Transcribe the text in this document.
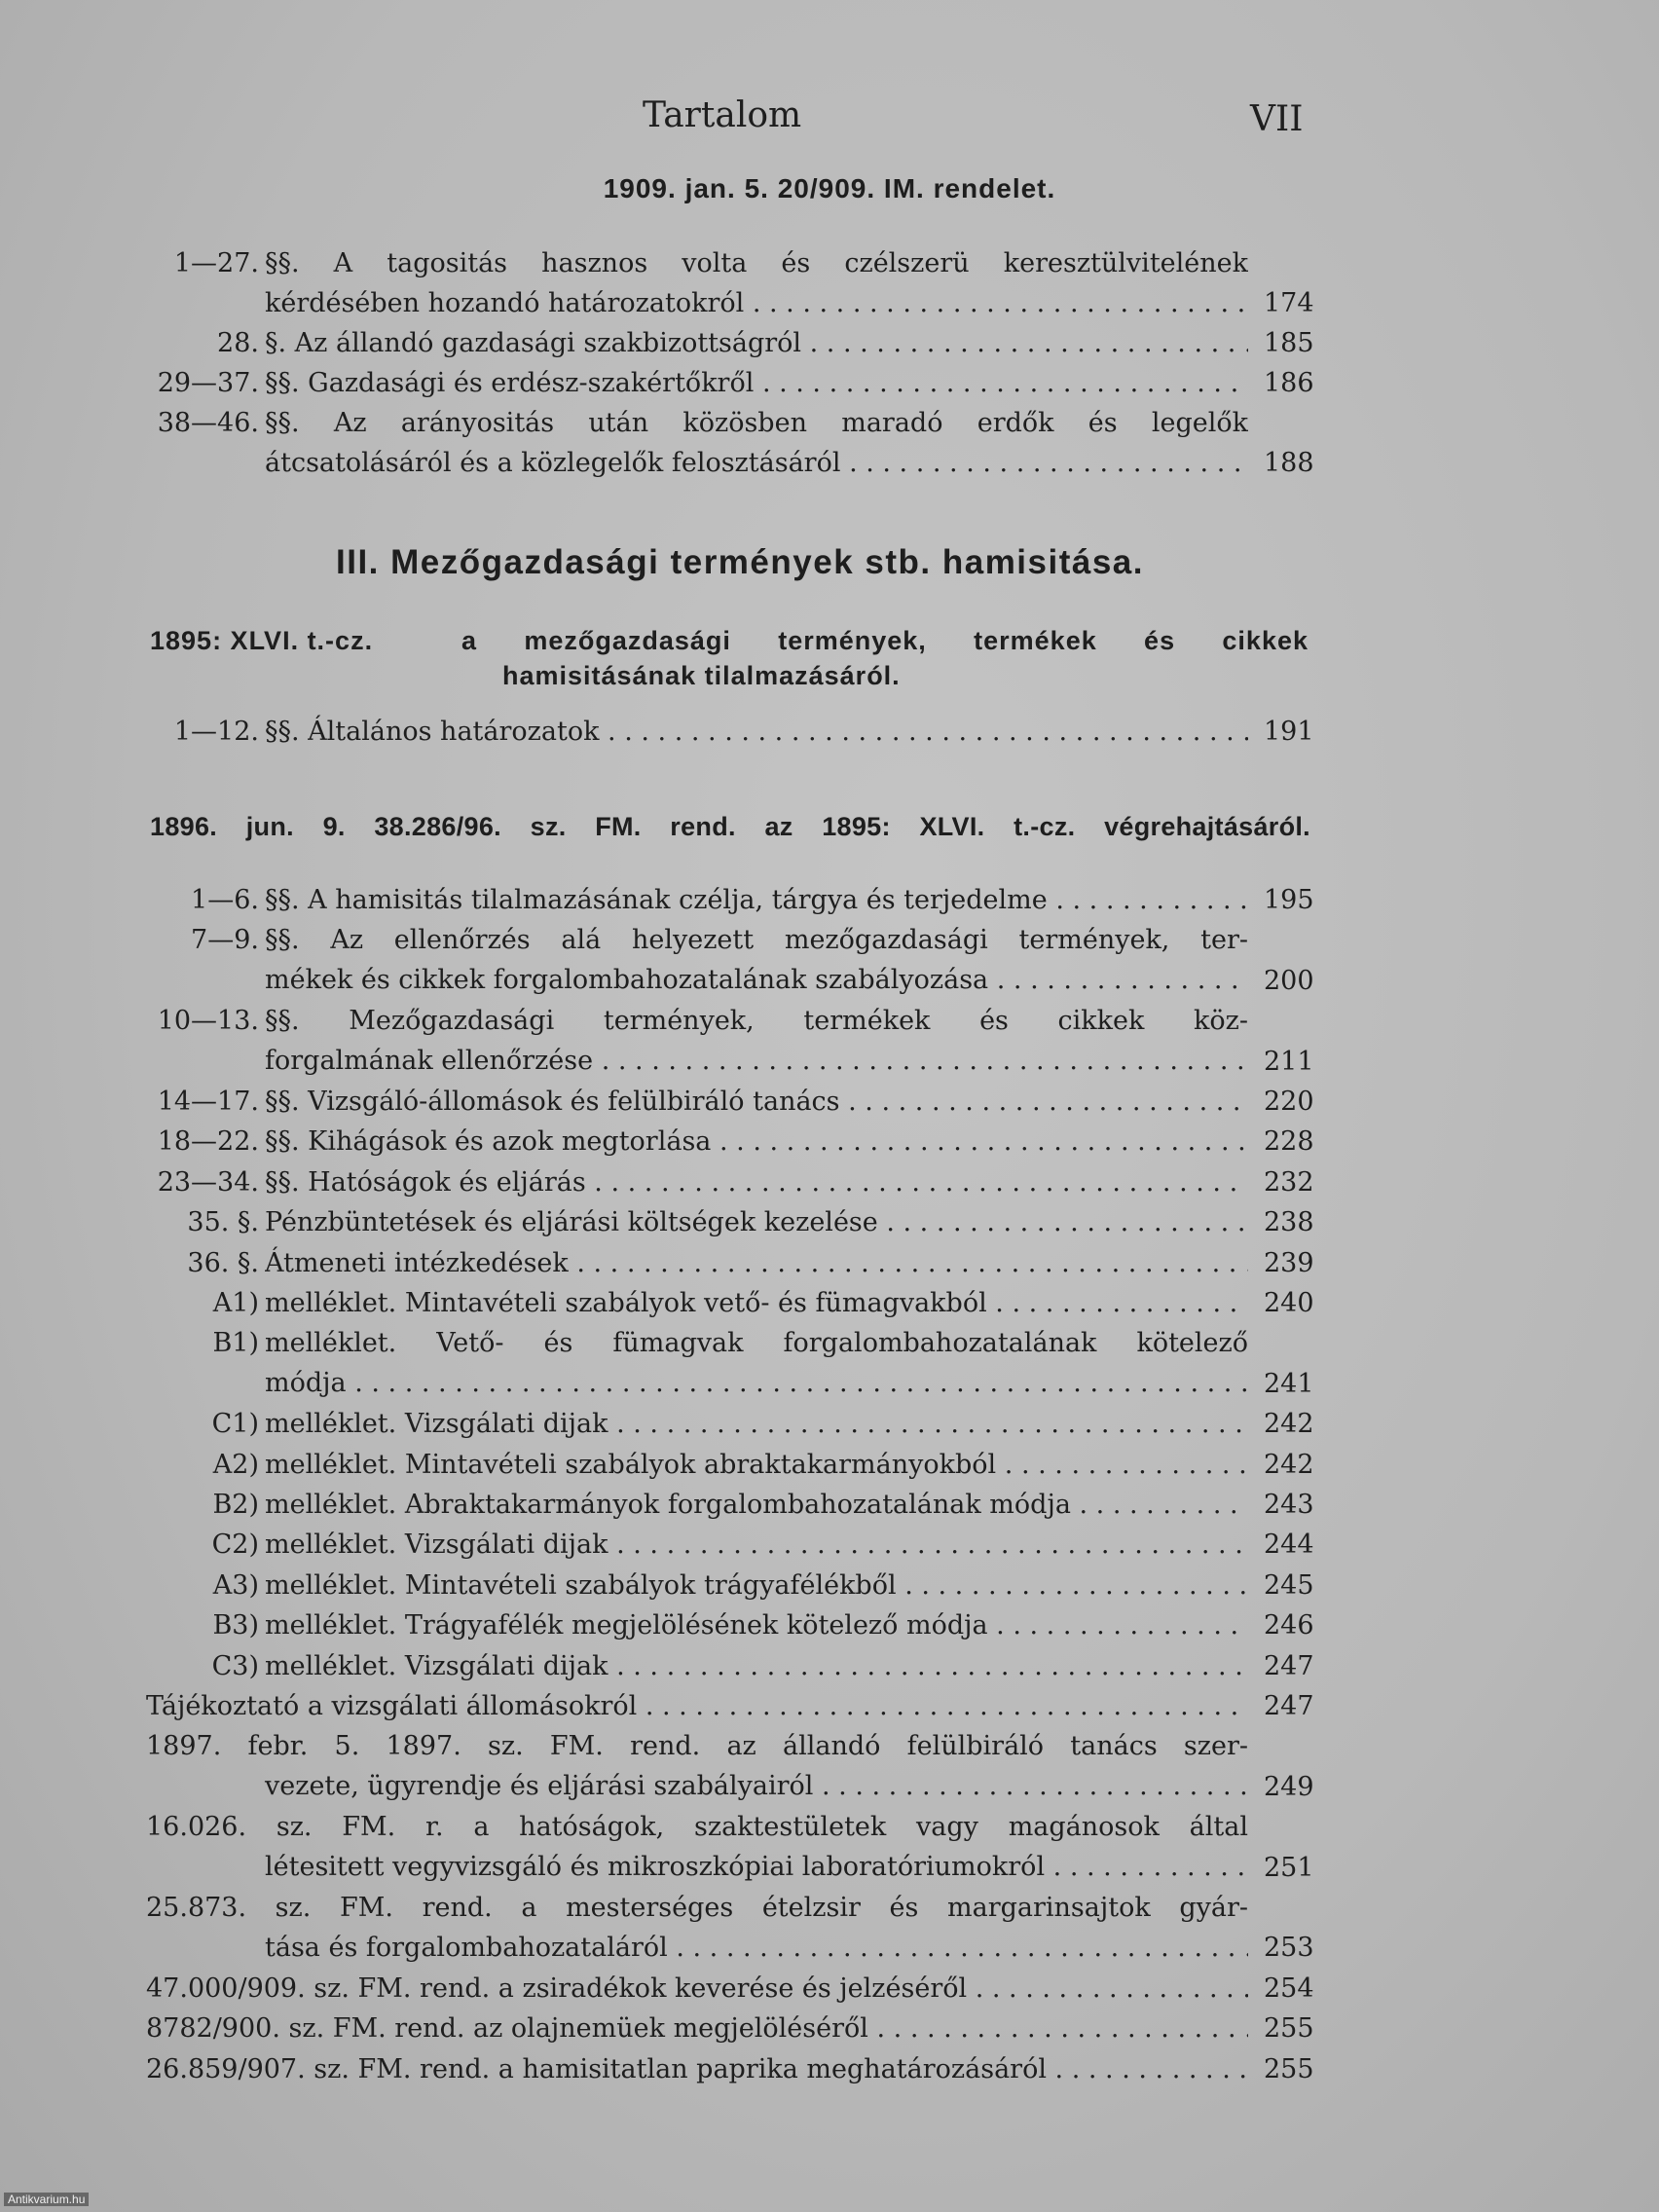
Tartalom	VII
1909. jan. 5. 20/909. IM. rendelet.
1—27. §§. A tagositás hasznos volta és czélszerü keresztülvitelének
kérdésében hozandó határozatokról . . .	174
28. §. Az állandó gazdasági szakbizottságról . . .	185
29—37. §§. Gazdasági és erdész-szakértőkről . . .	186
38—46. §§. Az arányositás után közösben maradó erdők és legelők
átcsatolásáról és a közlegelők felosztásáról . . .	188
III. Mezőgazdasági termények stb. hamisitása.
1895: XLVI. t.-cz.	a mezőgazdasági termények, termékek és cikkek
hamisitásának tilalmazásáról.
1—12. §§. Általános határozatok . . .	191
1896. jun. 9. 38.286/96. sz. FM. rend. az 1895: XLVI. t.-cz. végrehajtásáról.
1—6. §§. A hamisitás tilalmazásának czélja, tárgya és terjedelme . . .	195
7—9. §§. Az ellenőrzés alá helyezett mezőgazdasági termények, ter-
mékek és cikkek forgalombahozatalának szabályozása . . .	200
10—13. §§. Mezőgazdasági termények, termékek és cikkek köz-
forgalmának ellenőrzése . . .	211
14—17. §§. Vizsgáló-állomások és felülbiráló tanács . . .	220
18—22. §§. Kihágások és azok megtorlása . . .	228
23—34. §§. Hatóságok és eljárás . . .	232
35. §. Pénzbüntetések és eljárási költségek kezelése . . .	238
36. §. Átmeneti intézkedések . . .	239
A1) melléklet. Mintavételi szabályok vető- és fümagvakból . . .	240
B1) melléklet. Vető- és fümagvak forgalombahozatalának kötelező
módja . . .	241
C1) melléklet. Vizsgálati dijak . . .	242
A2) melléklet. Mintavételi szabályok abraktakarmányokból . . .	242
B2) melléklet. Abraktakarmányok forgalombahozatalának módja . . .	243
C2) melléklet. Vizsgálati dijak . . .	244
A3) melléklet. Mintavételi szabályok trágyafélékből . . .	245
B3) melléklet. Trágyafélék megjelölésének kötelező módja . . .	246
C3) melléklet. Vizsgálati dijak . . .	247
Tájékoztató a vizsgálati állomásokról . . .	247
1897. febr. 5. 1897. sz. FM. rend. az állandó felülbiráló tanács szer-
vezete, ügyrendje és eljárási szabályairól . . .	249
16.026. sz. FM. r. a hatóságok, szaktestületek vagy magánosok által
létesitett vegyvizsgáló és mikroszkópiai laboratóriumokról . . .	251
25.873. sz. FM. rend. a mesterséges ételzsir és margarinsajtok gyár-
tása és forgalombahozataláról . . .	253
47.000/909. sz. FM. rend. a zsiradékok keverése és jelzéséről . . .	254
8782/900. sz. FM. rend. az olajnemüek megjelöléséről . . .	255
26.859/907. sz. FM. rend. a hamisitatlan paprika meghatározásáról . . .	255
Antikvarium.hu
